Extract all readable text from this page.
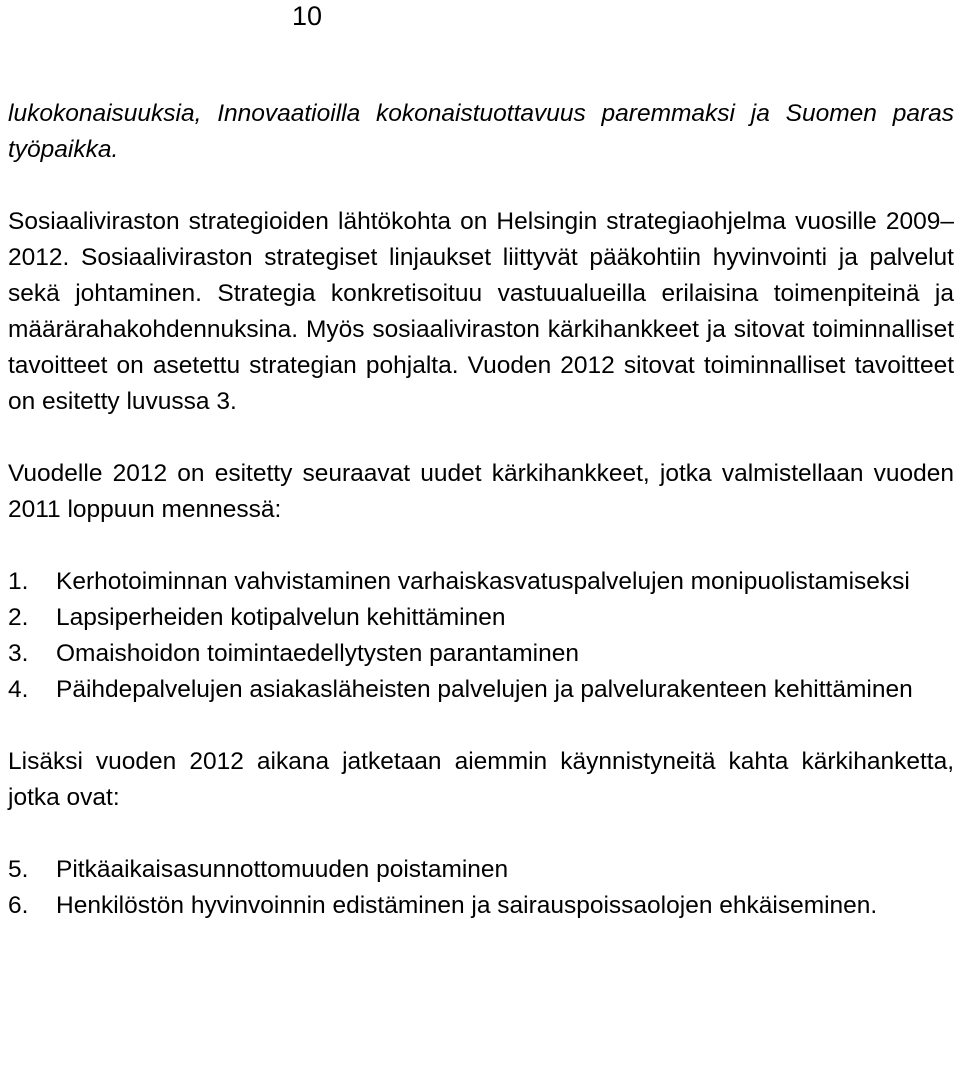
10

lukokonaisuuksia, Innovaatioilla kokonaistuottavuus paremmaksi ja Suomen paras työpaikka.

Sosiaaliviraston strategioiden lähtökohta on Helsingin strategiaohjelma vuosille 2009–2012. Sosiaaliviraston strategiset linjaukset liittyvät pääkohtiin hyvinvointi ja palvelut sekä johtaminen. Strategia konkretisoituu vastuualueilla erilaisina toimenpiteinä ja määrärahakohdennuksina. Myös sosiaaliviraston kärkihankkeet ja sitovat toiminnalliset tavoitteet on asetettu strategian pohjalta. Vuoden 2012 sitovat toiminnalliset tavoitteet on esitetty luvussa 3.

Vuodelle 2012 on esitetty seuraavat uudet kärkihankkeet, jotka valmistellaan vuoden 2011 loppuun mennessä:

1. Kerhotoiminnan vahvistaminen varhaiskasvatuspalvelujen monipuolistamiseksi
2. Lapsiperheiden kotipalvelun kehittäminen
3. Omaishoidon toimintaedellytysten parantaminen
4. Päihdepalvelujen asiakasläheisten palvelujen ja palvelurakenteen kehittäminen

Lisäksi vuoden 2012 aikana jatketaan aiemmin käynnistyneitä kahta kärkihanketta, jotka ovat:

5. Pitkäaikaisasunnottomuuden poistaminen
6. Henkilöstön hyvinvoinnin edistäminen ja sairauspoissaolojen ehkäiseminen.
